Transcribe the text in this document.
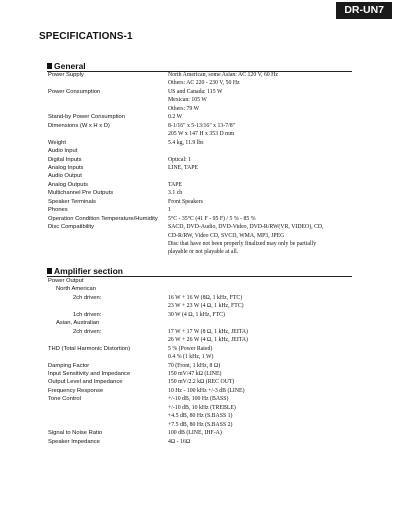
DR-UN7
SPECIFICATIONS-1
General
Power Supply	North American, some Asian: AC 120 V, 60 Hz
Others: AC 220 - 230 V, 50 Hz
Power Consumption	US and Canada: 115 W
Mexican: 105 W
Others: 79 W
Stand-by Power Consumption	0.2 W
Dimensions (W x H x D)	8-1/16" x 5-13/16" x 13-7/8"
205 W x 147 H x 353 D mm
Weight	5.4 kg, 11.9 lbs
Audio Input
Digital Inputs	Optical: 1
Analog Inputs	LINE, TAPE
Audio Output
Analog Outputs	TAPE
Multichannel Pre Outputs	3.1 ch
Speaker Terminals	Front Speakers
Phones	1
Operation Condition Temperature/Humidity 5°C - 35°C (41 F - 95 F) / 5 % - 85 %
Disc Compatibility	SACD, DVD-Audio, DVD-Video, DVD-R/RW(VR, VIDEO), CD,
CD-R/RW, Video CD, SVCD, WMA, MP3, JPEG
Disc that have not been properly finalized may only be partially
playable or not playable at all.
Amplifier section
Power Output
North American
2ch driven:	16 W + 16 W (8Ω, 1 kHz, FTC)
23 W + 23 W (4 Ω, 1 kHz, FTC)
1ch driven:	30 W (4 Ω, 1 kHz, FTC)
Asian, Australian
2ch driven:	17 W + 17 W (8 Ω, 1 kHz, JEITA)
26 W + 26 W (4 Ω, 1 kHz, JEITA)
THD (Total Harmonic Distortion)	5 % (Power Rated)
0.4 % (1 kHz, 1 W)
Damping Factor	70 (Front, 1 kHz, 8 Ω)
Input Sensitivity and Impedance	150 mV/47 kΩ (LINE)
Output Level and Impedance	150 mV/2.2 kΩ (REC OUT)
Frequency Response	10 Hz - 100 kHz +/-3 dB (LINE)
Tone Control	+/-10 dB, 100 Hz (BASS)
+/-10 dB, 10 kHz (TREBLE)
+4.5 dB, 80 Hz (S.BASS 1)
+7.5 dB, 80 Hz (S.BASS 2)
Signal to Noise Ratio	100 dB (LINE, IHF-A)
Speaker Impedance	4Ω - 16Ω
